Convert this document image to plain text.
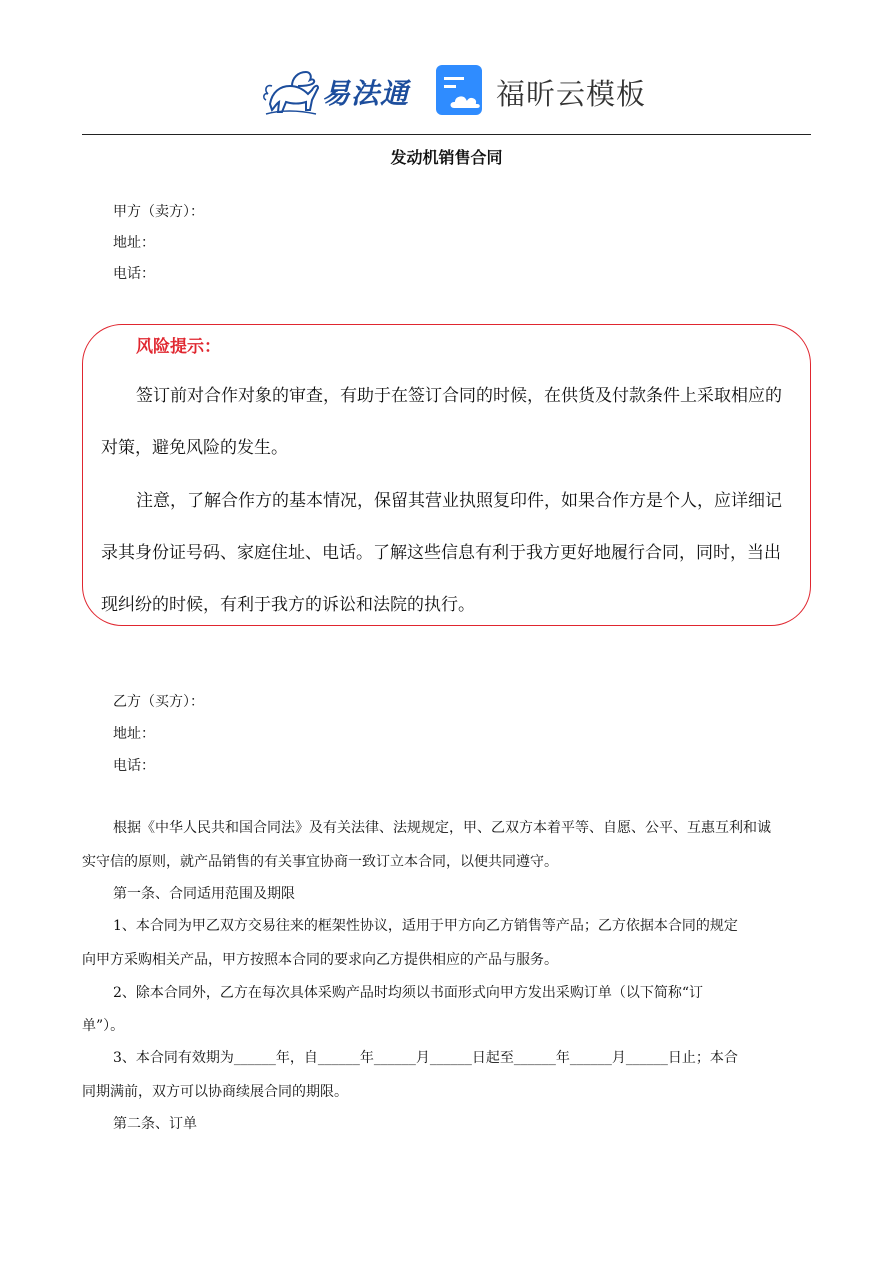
易法通	福昕云模板
发动机销售合同
甲方（卖方）：
地址：
电话：
风险提示：
签订前对合作对象的审查，有助于在签订合同的时候，在供货及付款条件上采取相应的
对策，避免风险的发生。
注意，了解合作方的基本情况，保留其营业执照复印件，如果合作方是个人，应详细记
录其身份证号码、家庭住址、电话。了解这些信息有利于我方更好地履行合同，同时，当出
现纠纷的时候，有利于我方的诉讼和法院的执行。
乙方（买方）：
地址：
电话：
根据《中华人民共和国合同法》及有关法律、法规规定，甲、乙双方本着平等、自愿、公平、互惠互利和诚
实守信的原则，就产品销售的有关事宜协商一致订立本合同，以便共同遵守。
第一条、合同适用范围及期限
1、本合同为甲乙双方交易往来的框架性协议，适用于甲方向乙方销售等产品；乙方依据本合同的规定
向甲方采购相关产品，甲方按照本合同的要求向乙方提供相应的产品与服务。
2、除本合同外，乙方在每次具体采购产品时均须以书面形式向甲方发出采购订单（以下简称“订
单”）。
3、本合同有效期为______年，自______年______月______日起至______年______月______日止；本合
同期满前，双方可以协商续展合同的期限。
第二条、订单
